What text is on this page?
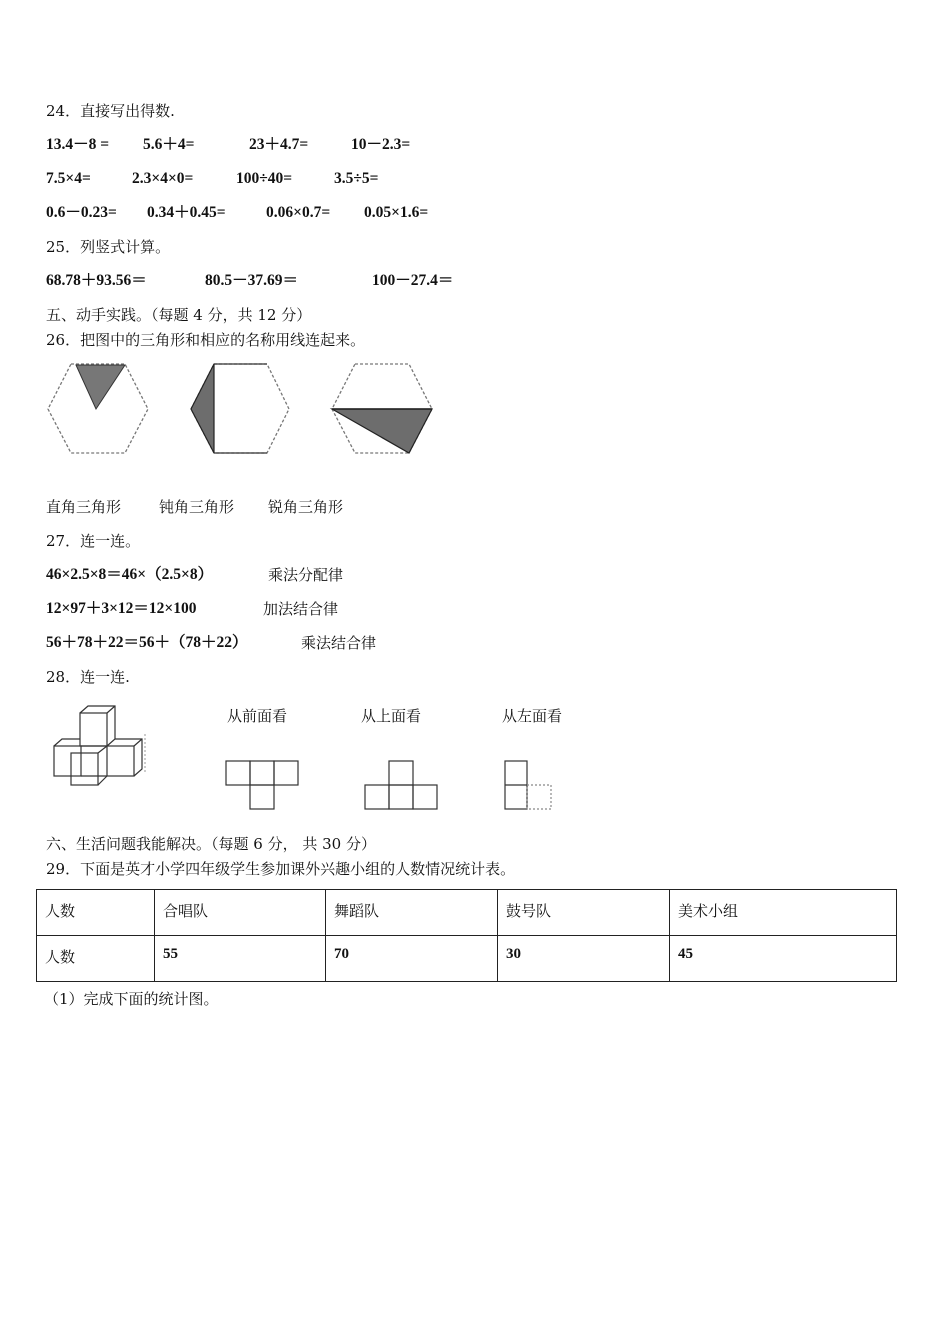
24．直接写出得数.
13.4－8 = 5.6＋4=	23＋4.7=	10－2.3=
7.5×4=	2.3×4×0=	100÷40=	3.5÷5=
0.6－0.23= 0.34＋0.45=	0.06×0.7= 0.05×1.6=
25．列竖式计算。
68.78＋93.56＝	80.5－37.69＝	100－27.4＝
五、动手实践。（每题 4 分，共 12 分）
26．把图中的三角形和相应的名称用线连起来。
直角三角形	钝角三角形 锐角三角形
27．连一连。
46×2.5×8＝46×（2.5×8）	乘法分配律
12×97＋3×12＝12×100	加法结合律
56＋78＋22＝56＋（78＋22）	乘法结合律
28．连一连.
从前面看	从上面看	从左面看
六、生活问题我能解决。（每题 6 分， 共 30 分）
29．下面是英才小学四年级学生参加课外兴趣小组的人数情况统计表。
人数	合唱队	舞蹈队	鼓号队	美术小组
人数	55	70	30	45
（1）完成下面的统计图。
